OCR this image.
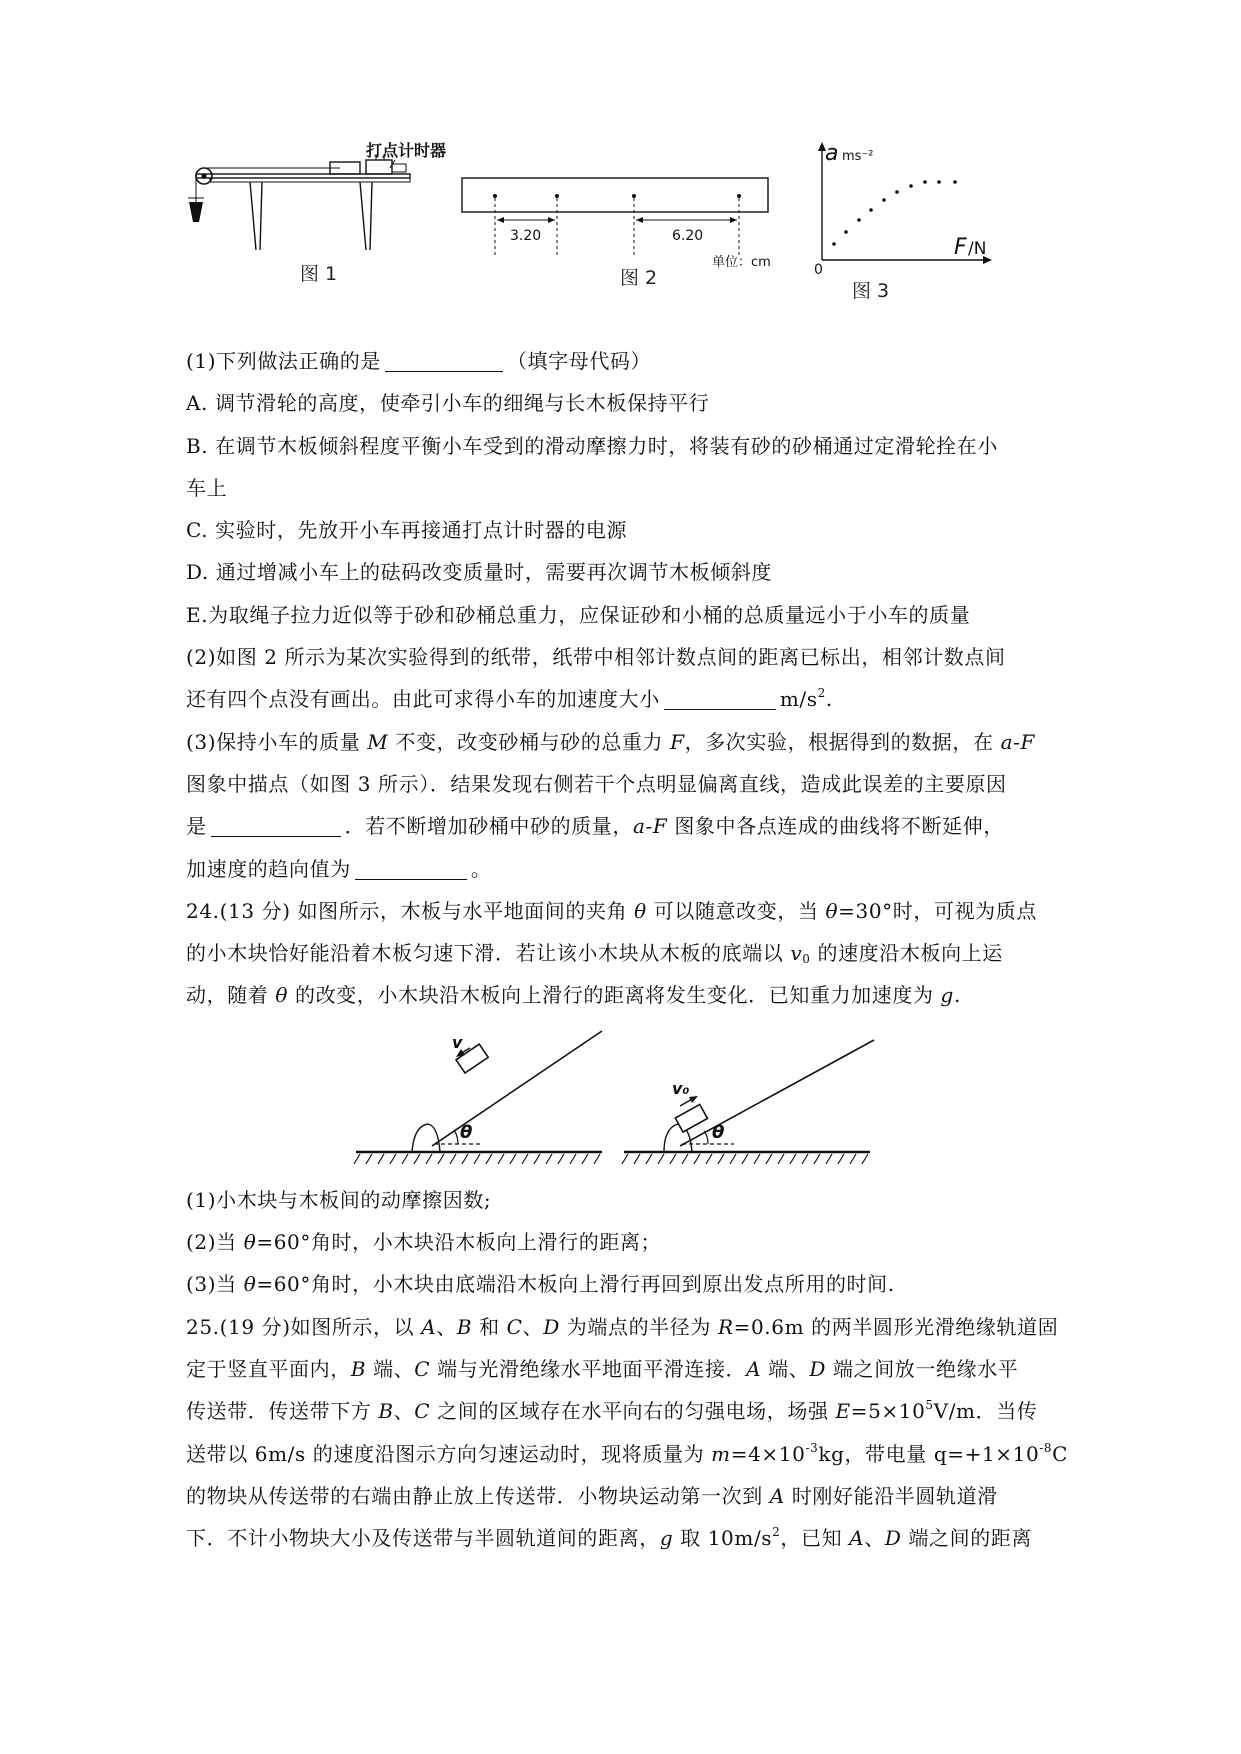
打点计时器
图 1
3.20	6.20
单位：cm
图 2
a ms⁻²
F /N
0
图 3
(1)下列做法正确的是	（填字母代码）
A. 调节滑轮的高度，使牵引小车的细绳与长木板保持平行
B. 在调节木板倾斜程度平衡小车受到的滑动摩擦力时，将装有砂的砂桶通过定滑轮拴在小
车上
C. 实验时，先放开小车再接通打点计时器的电源
D. 通过增减小车上的砝码改变质量时，需要再次调节木板倾斜度
E.为取绳子拉力近似等于砂和砂桶总重力，应保证砂和小桶的总质量远小于小车的质量
(2)如图 2 所示为某次实验得到的纸带，纸带中相邻计数点间的距离已标出，相邻计数点间
还有四个点没有画出。由此可求得小车的加速度大小	$m/s^2$.
(3)保持小车的质量 M 不变，改变砂桶与砂的总重力 F，多次实验，根据得到的数据，在 a-F
图象中描点（如图 3 所示）．结果发现右侧若干个点明显偏离直线，造成此误差的主要原因
是	．若不断增加砂桶中砂的质量，a-F 图象中各点连成的曲线将不断延伸，
加速度的趋向值为	。
24.(13 分) 如图所示，木板与水平地面间的夹角 θ 可以随意改变，当 θ=30°时，可视为质点
的小木块恰好能沿着木板匀速下滑．若让该小木块从木板的底端以 $v_0$ 的速度沿木板向上运
动，随着 θ 的改变，小木块沿木板向上滑行的距离将发生变化．已知重力加速度为 g.
(1)小木块与木板间的动摩擦因数;
(2)当 θ=60°角时，小木块沿木板向上滑行的距离；
(3)当 θ=60°角时，小木块由底端沿木板向上滑行再回到原出发点所用的时间.
25.(19 分)如图所示，以 A、B 和 C、D 为端点的半径为 R=0.6m 的两半圆形光滑绝缘轨道固
定于竖直平面内，B 端、C 端与光滑绝缘水平地面平滑连接．A 端、D 端之间放一绝缘水平
传送带．传送带下方 B、C 之间的区域存在水平向右的匀强电场，场强 $E=5\times 10^5V/m$．当传
送带以 6m/s 的速度沿图示方向匀速运动时，现将质量为 $m=4\times 10^{-3}kg$，带电量 $q=+1\times 10^{-8}C$
的物块从传送带的右端由静止放上传送带．小物块运动第一次到 A 时刚好能沿半圆轨道滑
下．不计小物块大小及传送带与半圆轨道间的距离，g 取 $10m/s^2$，已知 A、D 端之间的距离
θ
v
θ
v₀
